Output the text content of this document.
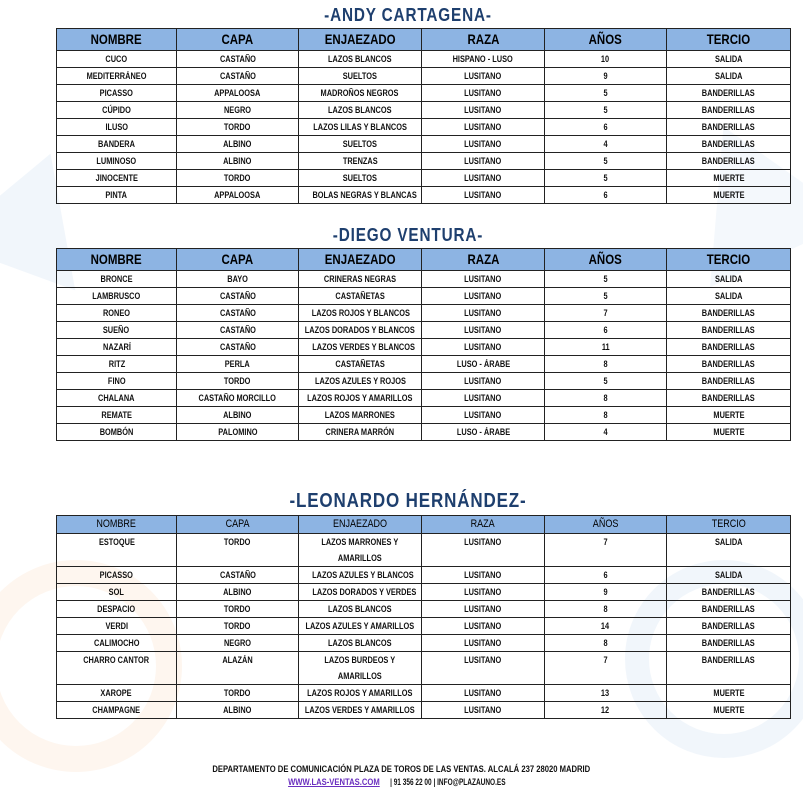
-ANDY CARTAGENA-
NOMBRE	CAPA	ENJAEZADO	RAZA	AÑOS	TERCIO
CUCO	CASTAÑO	LAZOS BLANCOS	HISPANO - LUSO	10	SALIDA
MEDITERRÁNEO	CASTAÑO	SUELTOS	LUSITANO	9	SALIDA
PICASSO	APPALOOSA	MADROÑOS NEGROS	LUSITANO	5	BANDERILLAS
CÚPIDO	NEGRO	LAZOS BLANCOS	LUSITANO	5	BANDERILLAS
ILUSO	TORDO	LAZOS LILAS Y BLANCOS	LUSITANO	6	BANDERILLAS
BANDERA	ALBINO	SUELTOS	LUSITANO	4	BANDERILLAS
LUMINOSO	ALBINO	TRENZAS	LUSITANO	5	BANDERILLAS
JINOCENTE	TORDO	SUELTOS	LUSITANO	5	MUERTE
PINTA	APPALOOSA	BOLAS NEGRAS Y BLANCAS	LUSITANO	6	MUERTE
-DIEGO VENTURA-
NOMBRE	CAPA	ENJAEZADO	RAZA	AÑOS	TERCIO
BRONCE	BAYO	CRINERAS NEGRAS	LUSITANO	5	SALIDA
LAMBRUSCO	CASTAÑO	CASTAÑETAS	LUSITANO	5	SALIDA
RONEO	CASTAÑO	LAZOS ROJOS Y BLANCOS	LUSITANO	7	BANDERILLAS
SUEÑO	CASTAÑO	LAZOS DORADOS Y BLANCOS	LUSITANO	6	BANDERILLAS
NAZARÍ	CASTAÑO	LAZOS VERDES Y BLANCOS	LUSITANO	11	BANDERILLAS
RITZ	PERLA	CASTAÑETAS	LUSO - ÁRABE	8	BANDERILLAS
FINO	TORDO	LAZOS AZULES Y ROJOS	LUSITANO	5	BANDERILLAS
CHALANA	CASTAÑO MORCILLO	LAZOS ROJOS Y AMARILLOS	LUSITANO	8	BANDERILLAS
REMATE	ALBINO	LAZOS MARRONES	LUSITANO	8	MUERTE
BOMBÓN	PALOMINO	CRINERA MARRÓN	LUSO - ÁRABE	4	MUERTE
-LEONARDO HERNÁNDEZ-
NOMBRE	CAPA	ENJAEZADO	RAZA	AÑOS	TERCIO
ESTOQUE	TORDO	LAZOS MARRONES Y AMARILLOS	LUSITANO	7	SALIDA
PICASSO	CASTAÑO	LAZOS AZULES Y BLANCOS	LUSITANO	6	SALIDA
SOL	ALBINO	LAZOS DORADOS Y VERDES	LUSITANO	9	BANDERILLAS
DESPACIO	TORDO	LAZOS BLANCOS	LUSITANO	8	BANDERILLAS
VERDI	TORDO	LAZOS AZULES Y AMARILLOS	LUSITANO	14	BANDERILLAS
CALIMOCHO	NEGRO	LAZOS BLANCOS	LUSITANO	8	BANDERILLAS
CHARRO CANTOR	ALAZÁN	LAZOS BURDEOS Y AMARILLOS	LUSITANO	7	BANDERILLAS
XAROPE	TORDO	LAZOS ROJOS Y AMARILLOS	LUSITANO	13	MUERTE
CHAMPAGNE	ALBINO	LAZOS VERDES Y AMARILLOS	LUSITANO	12	MUERTE
DEPARTAMENTO DE COMUNICACIÓN PLAZA DE TOROS DE LAS VENTAS. ALCALÁ 237 28020 MADRID
WWW.LAS-VENTAS.COM| 91 356 22 00 | INFO@PLAZAUNO.ES
